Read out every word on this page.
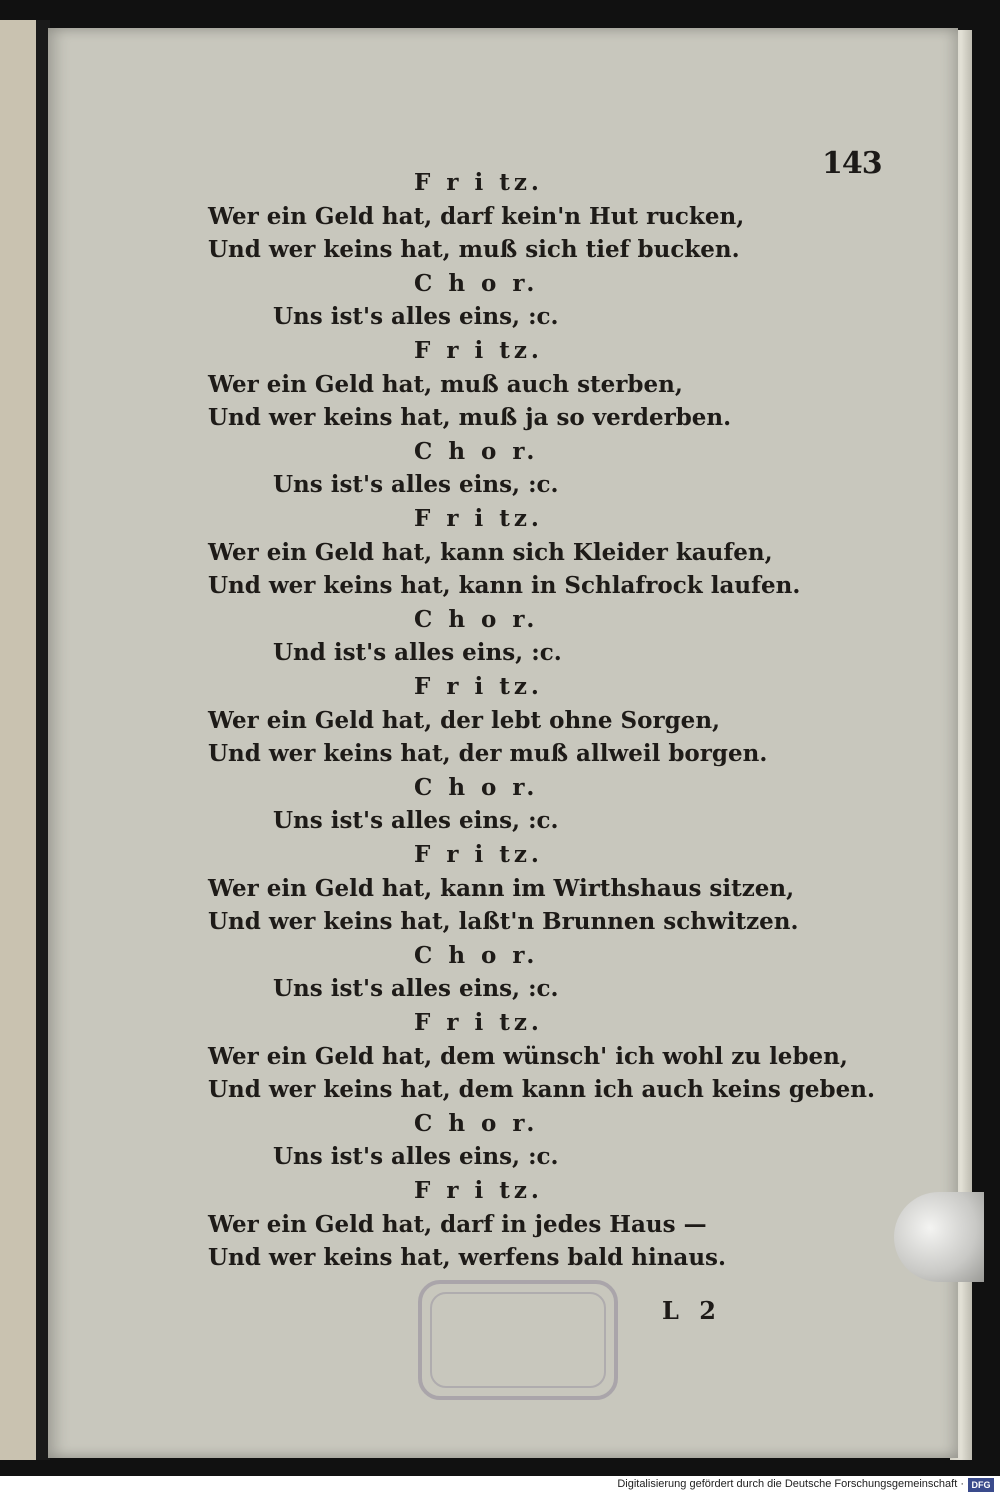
143
F r i tz.
Wer ein Geld hat, darf kein'n Hut rucken,
Und wer keins hat, muß sich tief bucken.
C h o r.
Uns ist's alles eins, :c.
F r i tz.
Wer ein Geld hat, muß auch sterben,
Und wer keins hat, muß ja so verderben.
C h o r.
Uns ist's alles eins, :c.
F r i tz.
Wer ein Geld hat, kann sich Kleider kaufen,
Und wer keins hat, kann in Schlafrock laufen.
C h o r.
Und ist's alles eins, :c.
F r i tz.
Wer ein Geld hat, der lebt ohne Sorgen,
Und wer keins hat, der muß allweil borgen.
C h o r.
Uns ist's alles eins, :c.
F r i tz.
Wer ein Geld hat, kann im Wirthshaus sitzen,
Und wer keins hat, laßt'n Brunnen schwitzen.
C h o r.
Uns ist's alles eins, :c.
F r i tz.
Wer ein Geld hat, dem wünsch' ich wohl zu leben,
Und wer keins hat, dem kann ich auch keins geben.
C h o r.
Uns ist's alles eins, :c.
F r i tz.
Wer ein Geld hat, darf in jedes Haus —
Und wer keins hat, werfens bald hinaus.
L 2
Digitalisierung gefördert durch die Deutsche Forschungsgemeinschaft · DFG
